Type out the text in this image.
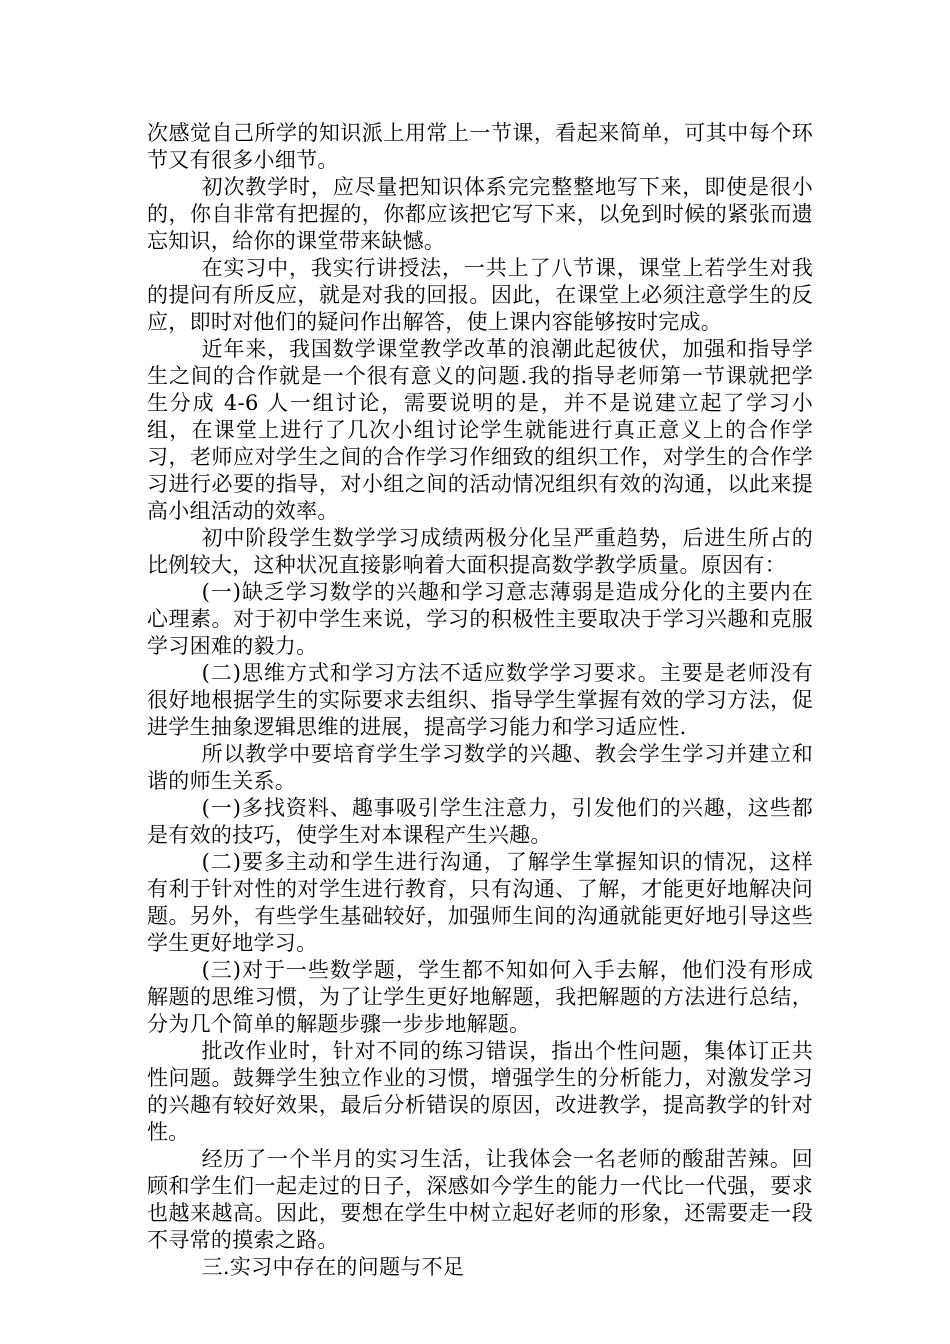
次感觉自己所学的知识派上用常上一节课，看起来简单，可其中每个环节又有很多小细节。

初次教学时，应尽量把知识体系完完整整地写下来，即使是很小的，你自非常有把握的，你都应该把它写下来，以免到时候的紧张而遗忘知识，给你的课堂带来缺憾。

在实习中，我实行讲授法，一共上了八节课，课堂上若学生对我的提问有所反应，就是对我的回报。因此，在课堂上必须注意学生的反应，即时对他们的疑问作出解答，使上课内容能够按时完成。

近年来，我国数学课堂教学改革的浪潮此起彼伏，加强和指导学生之间的合作就是一个很有意义的问题.我的指导老师第一节课就把学生分成 4-6 人一组讨论，需要说明的是，并不是说建立起了学习小组，在课堂上进行了几次小组讨论学生就能进行真正意义上的合作学习，老师应对学生之间的合作学习作细致的组织工作，对学生的合作学习进行必要的指导，对小组之间的活动情况组织有效的沟通，以此来提高小组活动的效率。

初中阶段学生数学学习成绩两极分化呈严重趋势，后进生所占的比例较大，这种状况直接影响着大面积提高数学教学质量。原因有：

(一)缺乏学习数学的兴趣和学习意志薄弱是造成分化的主要内在心理素。对于初中学生来说，学习的积极性主要取决于学习兴趣和克服学习困难的毅力。

(二)思维方式和学习方法不适应数学学习要求。主要是老师没有很好地根据学生的实际要求去组织、指导学生掌握有效的学习方法，促进学生抽象逻辑思维的进展，提高学习能力和学习适应性.

所以教学中要培育学生学习数学的兴趣、教会学生学习并建立和谐的师生关系。

(一)多找资料、趣事吸引学生注意力，引发他们的兴趣，这些都是有效的技巧，使学生对本课程产生兴趣。

(二)要多主动和学生进行沟通，了解学生掌握知识的情况，这样有利于针对性的对学生进行教育，只有沟通、了解，才能更好地解决问题。另外，有些学生基础较好，加强师生间的沟通就能更好地引导这些学生更好地学习。

(三)对于一些数学题，学生都不知如何入手去解，他们没有形成解题的思维习惯，为了让学生更好地解题，我把解题的方法进行总结，分为几个简单的解题步骤一步步地解题。

批改作业时，针对不同的练习错误，指出个性问题，集体订正共性问题。鼓舞学生独立作业的习惯，增强学生的分析能力，对激发学习的兴趣有较好效果，最后分析错误的原因，改进教学，提高教学的针对性。

经历了一个半月的实习生活，让我体会一名老师的酸甜苦辣。回顾和学生们一起走过的日子，深感如今学生的能力一代比一代强，要求也越来越高。因此，要想在学生中树立起好老师的形象，还需要走一段不寻常的摸索之路。

三.实习中存在的问题与不足
